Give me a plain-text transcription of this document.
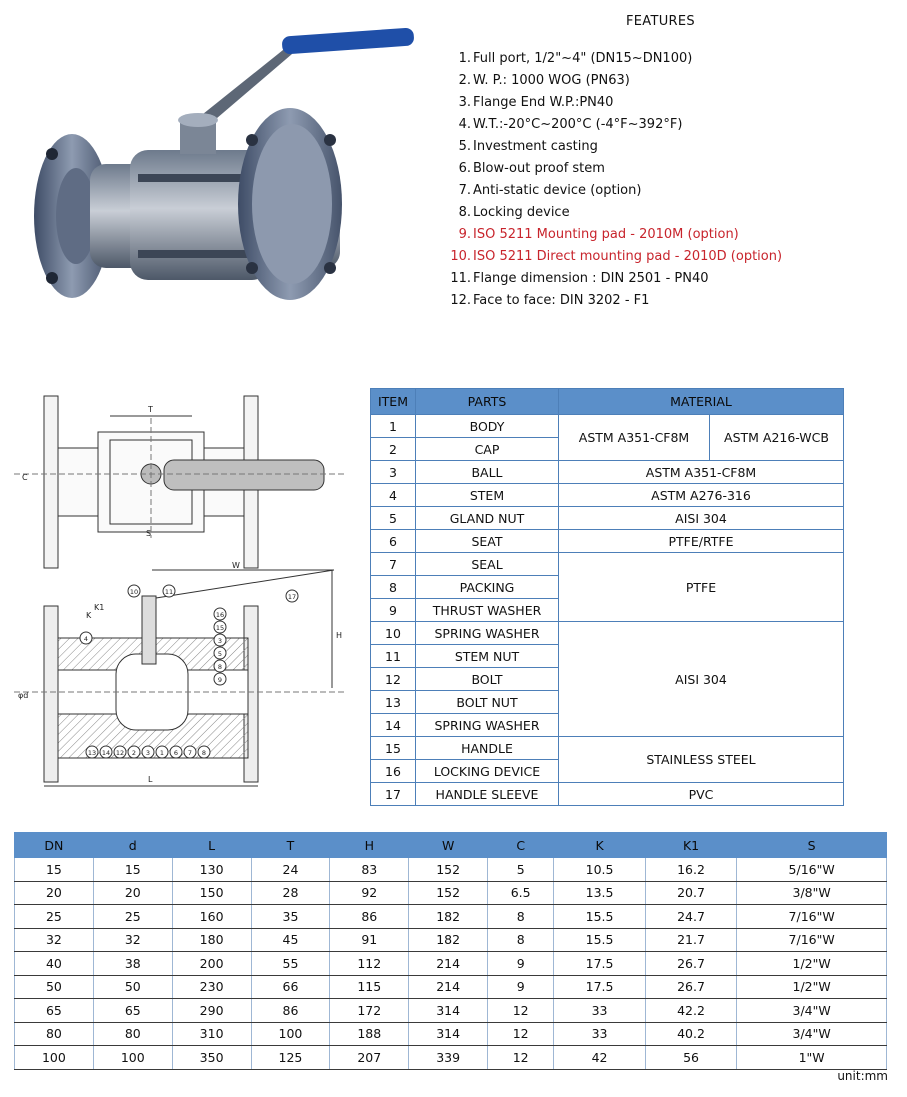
FEATURES
1. Full port, 1/2"~4" (DN15~DN100)
2. W. P.: 1000 WOG (PN63)
3. Flange End W.P.:PN40
4. W.T.:-20°C~200°C (-4°F~392°F)
5. Investment casting
6. Blow-out proof stem
7. Anti-static device (option)
8. Locking device
9. ISO 5211 Mounting pad - 2010M (option)
10. ISO 5211 Direct mounting pad - 2010D (option)
11. Flange dimension : DIN 2501 - PN40
12. Face to face: DIN 3202 - F1
T
C
S
W
K
K1
H
φd
L
10	11
17
16
15
3
5
8
9
4
13 14 12 2 3 1 6 7 8
ITEM	PARTS	MATERIAL	
1	BODY	ASTM A351-CF8M	ASTM A216-WCB
2	CAP		
3	BALL	ASTM A351-CF8M	
4	STEM	ASTM A276-316	
5	GLAND NUT	AISI 304	
6	SEAT	PTFE/RTFE	
7	SEAL	PTFE	
8	PACKING		
9	THRUST WASHER		
10	SPRING WASHER	AISI 304	
11	STEM NUT		
12	BOLT		
13	BOLT NUT		
14	SPRING WASHER		
15	HANDLE	STAINLESS STEEL	
16	LOCKING DEVICE		
17	HANDLE SLEEVE	PVC	
DN	d	L	T	H	W	C	K	K1	S
15	15	130	24	83	152	5	10.5	16.2	5/16"W
20	20	150	28	92	152	6.5	13.5	20.7	3/8"W
25	25	160	35	86	182	8	15.5	24.7	7/16"W
32	32	180	45	91	182	8	15.5	21.7	7/16"W
40	38	200	55	112	214	9	17.5	26.7	1/2"W
50	50	230	66	115	214	9	17.5	26.7	1/2"W
65	65	290	86	172	314	12	33	42.2	3/4"W
80	80	310	100	188	314	12	33	40.2	3/4"W
100	100	350	125	207	339	12	42	56	1"W
unit:mm
